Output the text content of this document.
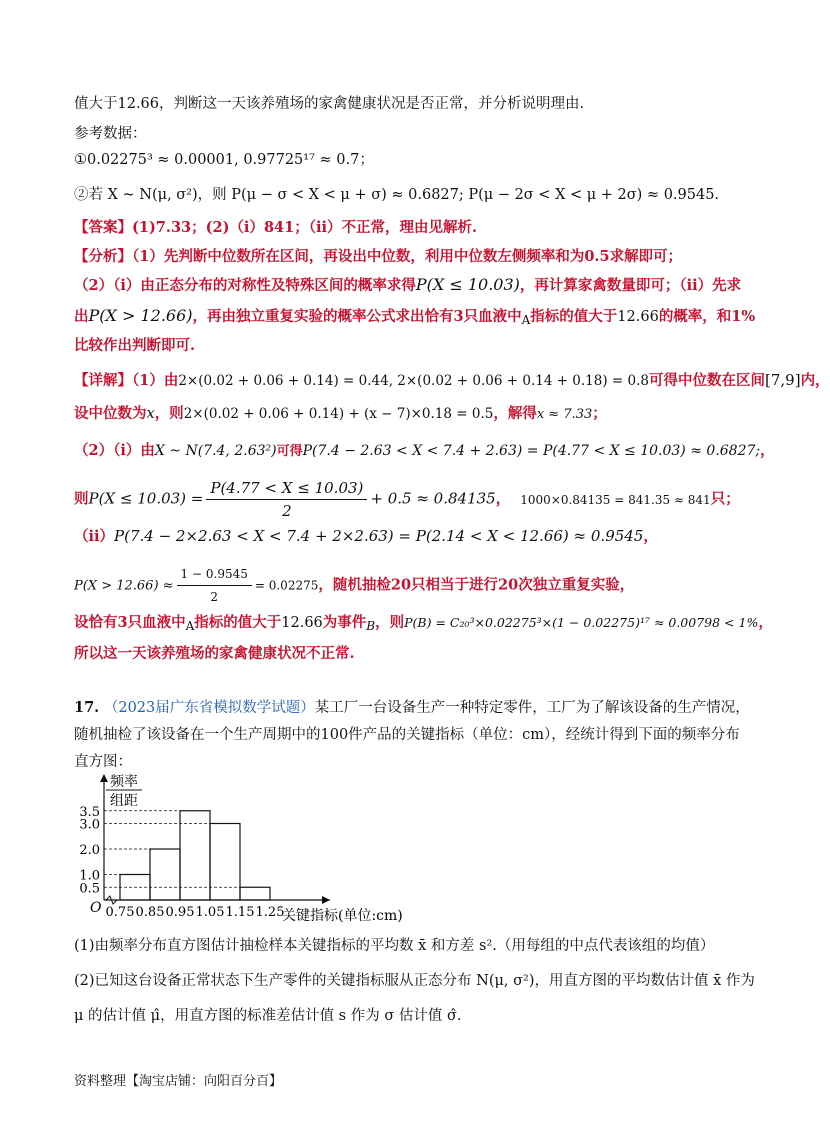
值大于12.66，判断这一天该养殖场的家禽健康状况是否正常，并分析说明理由.
参考数据：
①0.02275³ ≈ 0.00001, 0.97725¹⁷ ≈ 0.7；
②若 X ~ N(μ, σ²)，则 P(μ − σ < X < μ + σ) ≈ 0.6827; P(μ − 2σ < X < μ + 2σ) ≈ 0.9545.
【答案】(1)7.33；(2)（i）841；（ii）不正常，理由见解析.
【分析】（1）先判断中位数所在区间，再设出中位数，利用中位数左侧频率和为0.5求解即可；
（2）（i）由正态分布的对称性及特殊区间的概率求得P(X ≤ 10.03)，再计算家禽数量即可；（ii）先求
出P(X > 12.66)，再由独立重复实验的概率公式求出恰有3只血液中$_A$指标的值大于12.66的概率，和1%
比较作出判断即可.
【详解】（1）由2×(0.02 + 0.06 + 0.14) = 0.44, 2×(0.02 + 0.06 + 0.14 + 0.18) = 0.8可得中位数在区间[7,9]内，
设中位数为x，则2×(0.02 + 0.06 + 0.14) + (x − 7)×0.18 = 0.5，解得x ≈ 7.33；
（2）（i）由X ~ N(7.4, 2.63²)可得P(7.4 − 2.63 < X < 7.4 + 2.63) = P(4.77 < X ≤ 10.03) ≈ 0.6827;，
则$P(X \le 10.03) = \frac{P(4.77 < X \le 10.03)}{2} + 0.5 \approx 0.84135$， 1000×0.84135 = 841.35 ≈ 841只；
（ii）P(7.4 − 2×2.63 < X < 7.4 + 2×2.63) = P(2.14 < X < 12.66) ≈ 0.9545，
$P(X > 12.66) \approx \frac{1 - 0.9545}{2} = 0.02275$，随机抽检20只相当于进行20次独立重复实验，
设恰有3只血液中$_A$指标的值大于12.66为事件$_B$，则P(B) = C₂₀³×0.02275³×(1 − 0.02275)¹⁷ ≈ 0.00798 < 1%，
所以这一天该养殖场的家禽健康状况不正常.
17. （2023届广东省模拟数学试题）某工厂一台设备生产一种特定零件，工厂为了解该设备的生产情况，
随机抽检了该设备在一个生产周期中的100件产品的关键指标（单位：cm），经统计得到下面的频率分布
直方图：
0.5
1.0
2.0
3.0
3.5
0.75 0.85 0.95 1.05 1.15 1.25
O	关键指标(单位:cm)
频率
组距
(1)由频率分布直方图估计抽检样本关键指标的平均数 x̄ 和方差 s².（用每组的中点代表该组的均值）
(2)已知这台设备正常状态下生产零件的关键指标服从正态分布 N(μ, σ²)，用直方图的平均数估计值 x̄ 作为
μ 的估计值 μ̂，用直方图的标准差估计值 s 作为 σ 估计值 σ̂.
资料整理【淘宝店铺：向阳百分百】
